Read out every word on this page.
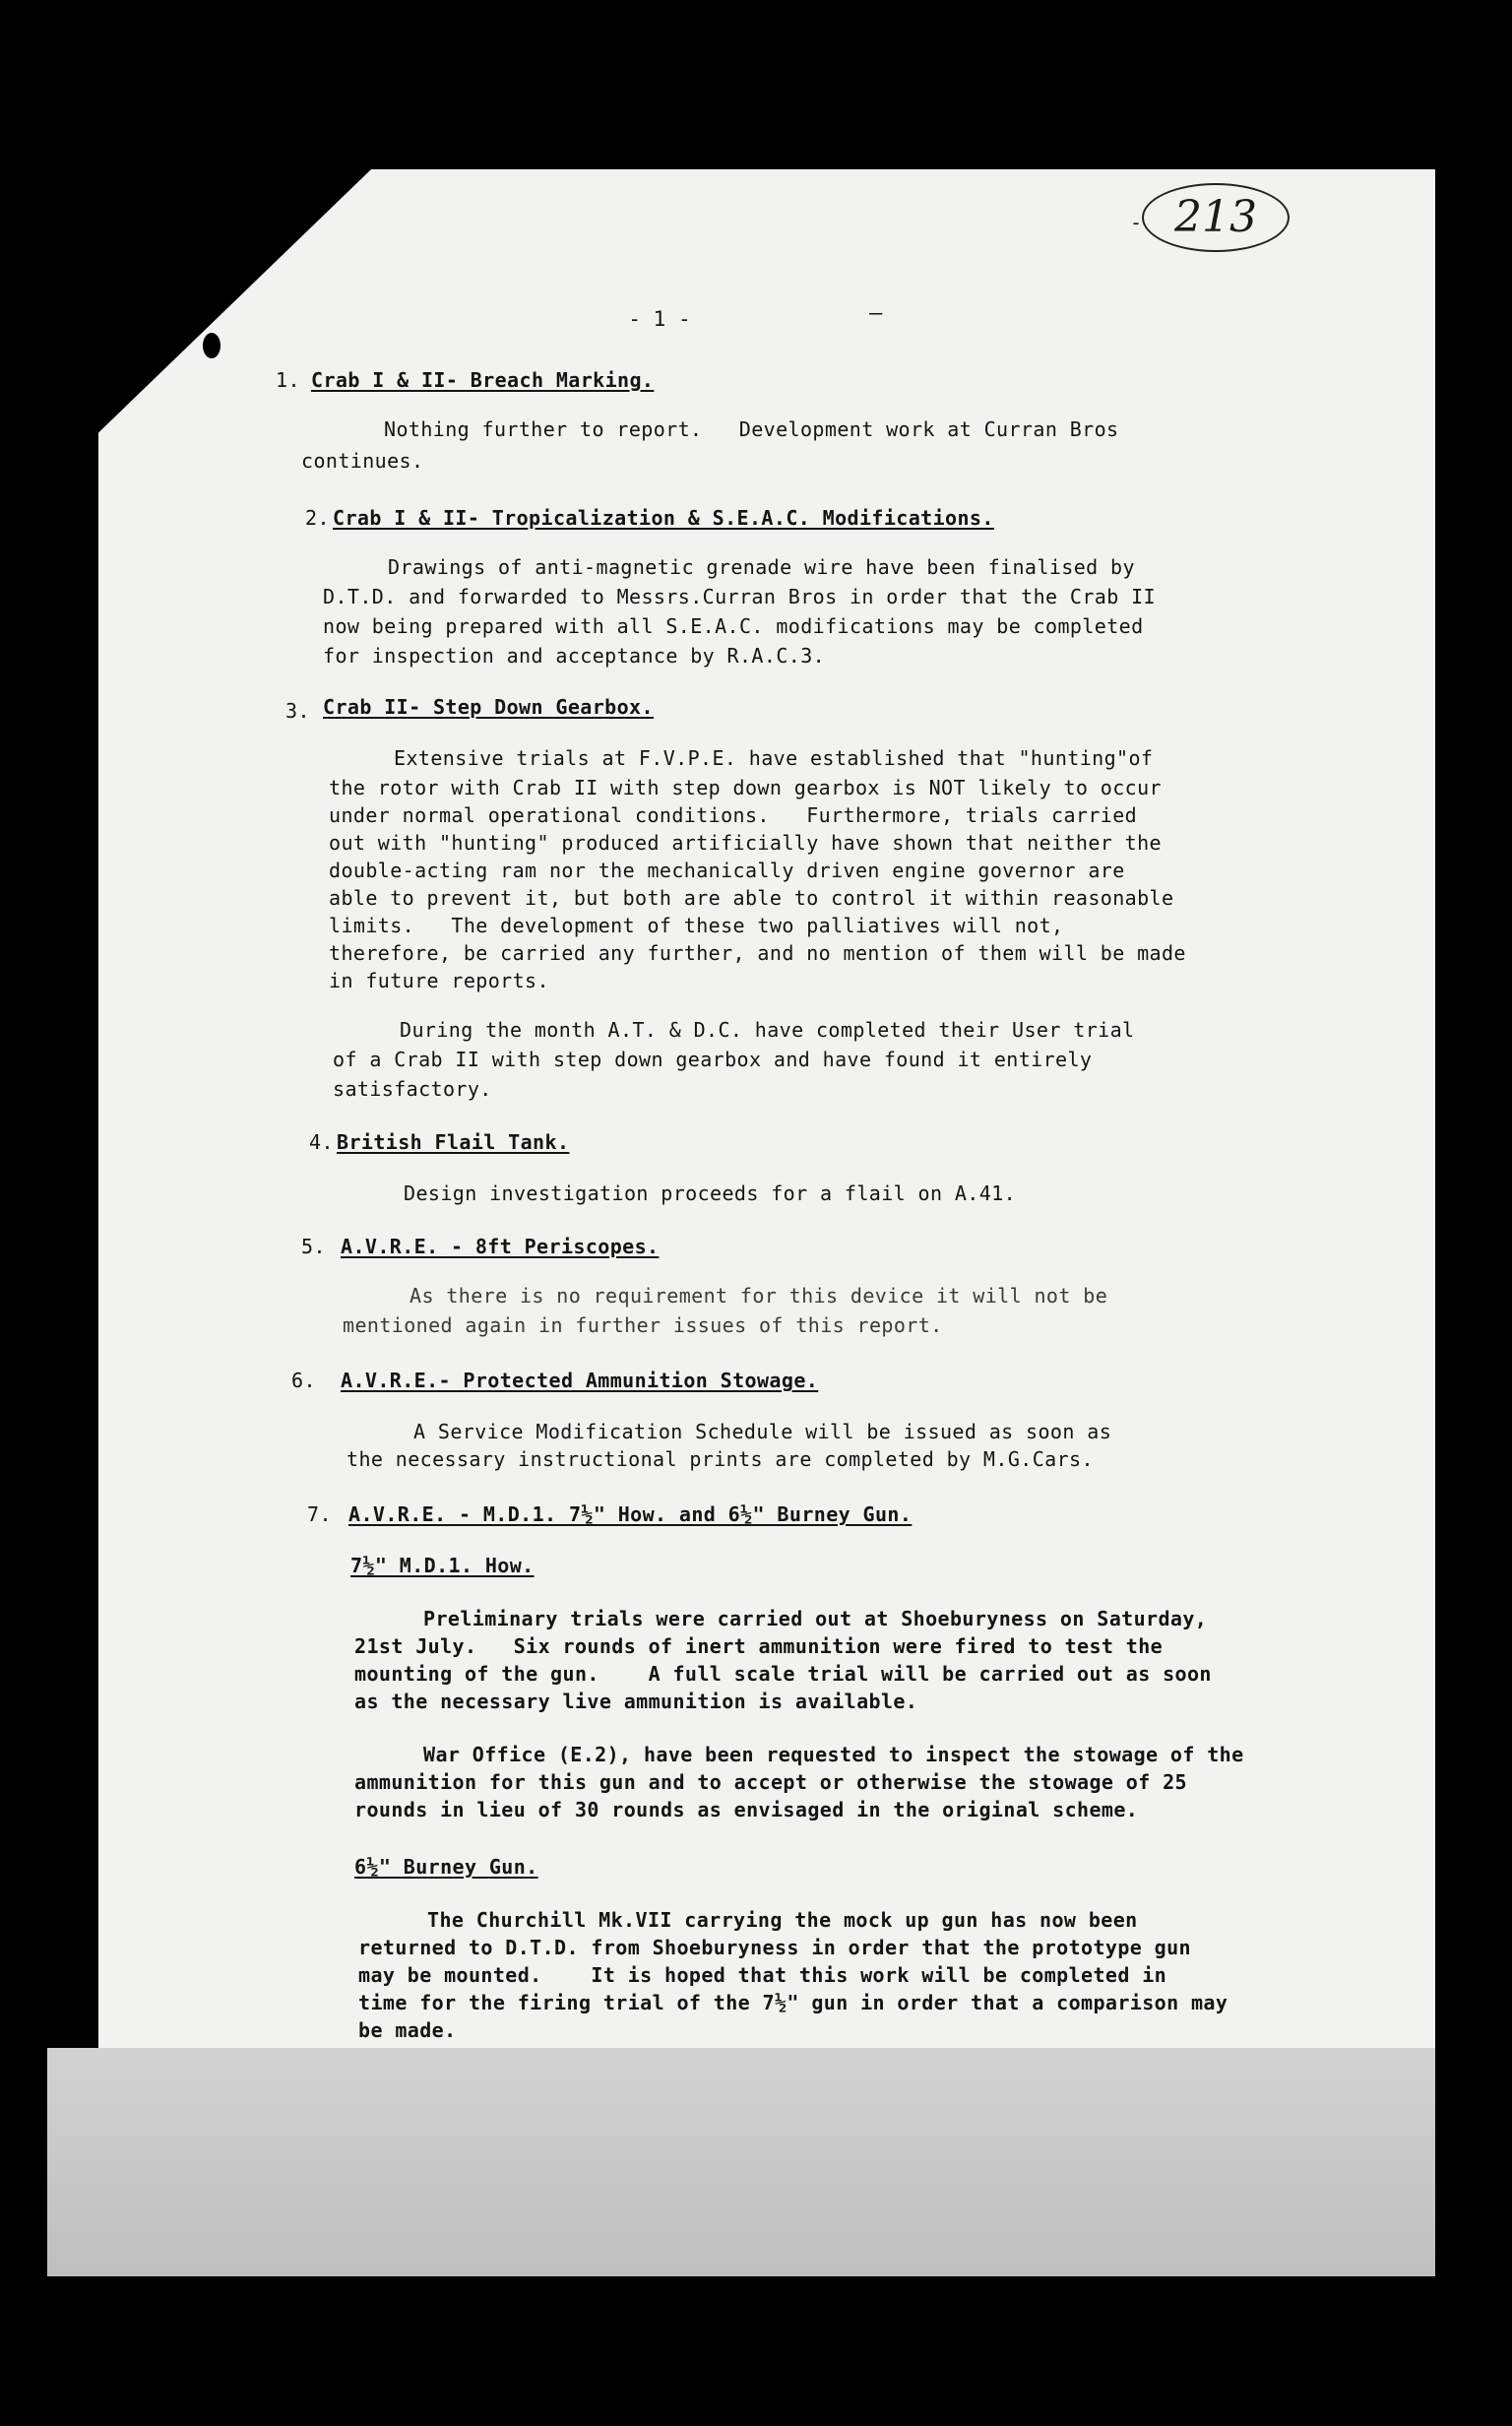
- 213
- 1 -	—
1. Crab I & II- Breach Marking.
Nothing further to report.   Development work at Curran Bros
continues.
2. Crab I & II- Tropicalization & S.E.A.C. Modifications.
Drawings of anti-magnetic grenade wire have been finalised by
D.T.D. and forwarded to Messrs.Curran Bros in order that the Crab II
now being prepared with all S.E.A.C. modifications may be completed
for inspection and acceptance by R.A.C.3.
3. Crab II- Step Down Gearbox.
Extensive trials at F.V.P.E. have established that "hunting"of
the rotor with Crab II with step down gearbox is NOT likely to occur
under normal operational conditions.   Furthermore, trials carried
out with "hunting" produced artificially have shown that neither the
double-acting ram nor the mechanically driven engine governor are
able to prevent it, but both are able to control it within reasonable
limits.   The development of these two palliatives will not,
therefore, be carried any further, and no mention of them will be made
in future reports.
During the month A.T. & D.C. have completed their User trial
of a Crab II with step down gearbox and have found it entirely
satisfactory.
4. British Flail Tank.
Design investigation proceeds for a flail on A.41.
5. A.V.R.E. - 8ft Periscopes.
As there is no requirement for this device it will not be
mentioned again in further issues of this report.
6. A.V.R.E.- Protected Ammunition Stowage.
A Service Modification Schedule will be issued as soon as
the necessary instructional prints are completed by M.G.Cars.
7. A.V.R.E. - M.D.1. 7½" How. and 6½" Burney Gun.
7½" M.D.1. How.
Preliminary trials were carried out at Shoeburyness on Saturday,
21st July.   Six rounds of inert ammunition were fired to test the
mounting of the gun.    A full scale trial will be carried out as soon
as the necessary live ammunition is available.
War Office (E.2), have been requested to inspect the stowage of the
ammunition for this gun and to accept or otherwise the stowage of 25
rounds in lieu of 30 rounds as envisaged in the original scheme.
6½" Burney Gun.
The Churchill Mk.VII carrying the mock up gun has now been
returned to D.T.D. from Shoeburyness in order that the prototype gun
may be mounted.    It is hoped that this work will be completed in
time for the firing trial of the 7½" gun in order that a comparison may
be made.
